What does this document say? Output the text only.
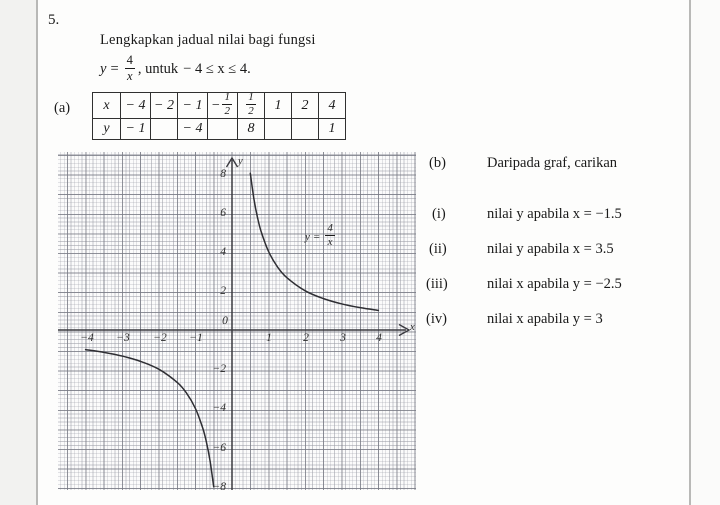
5.
Lengkapkan jadual nilai bagi fungsi
$y = \frac{4}{x}$ , untuk − 4 ≤ x ≤ 4.
(a) x	− 4	− 2	− 1	− $\frac{1}{2}$	$\frac{1}{2}$	1	2	4
y	− 1		− 4		8			1
0
−4 −3 −2 −1	1	2	3	4
2
4
6
8
−2
−4
−6
−8
x
y
$y = \frac{4}{x}$
(b)	Daripada graf, carikan
(i)	nilai y apabila x = −1.5
(ii)	nilai y apabila x = 3.5
(iii)	nilai x apabila y = −2.5
(iv)	nilai x apabila y = 3
